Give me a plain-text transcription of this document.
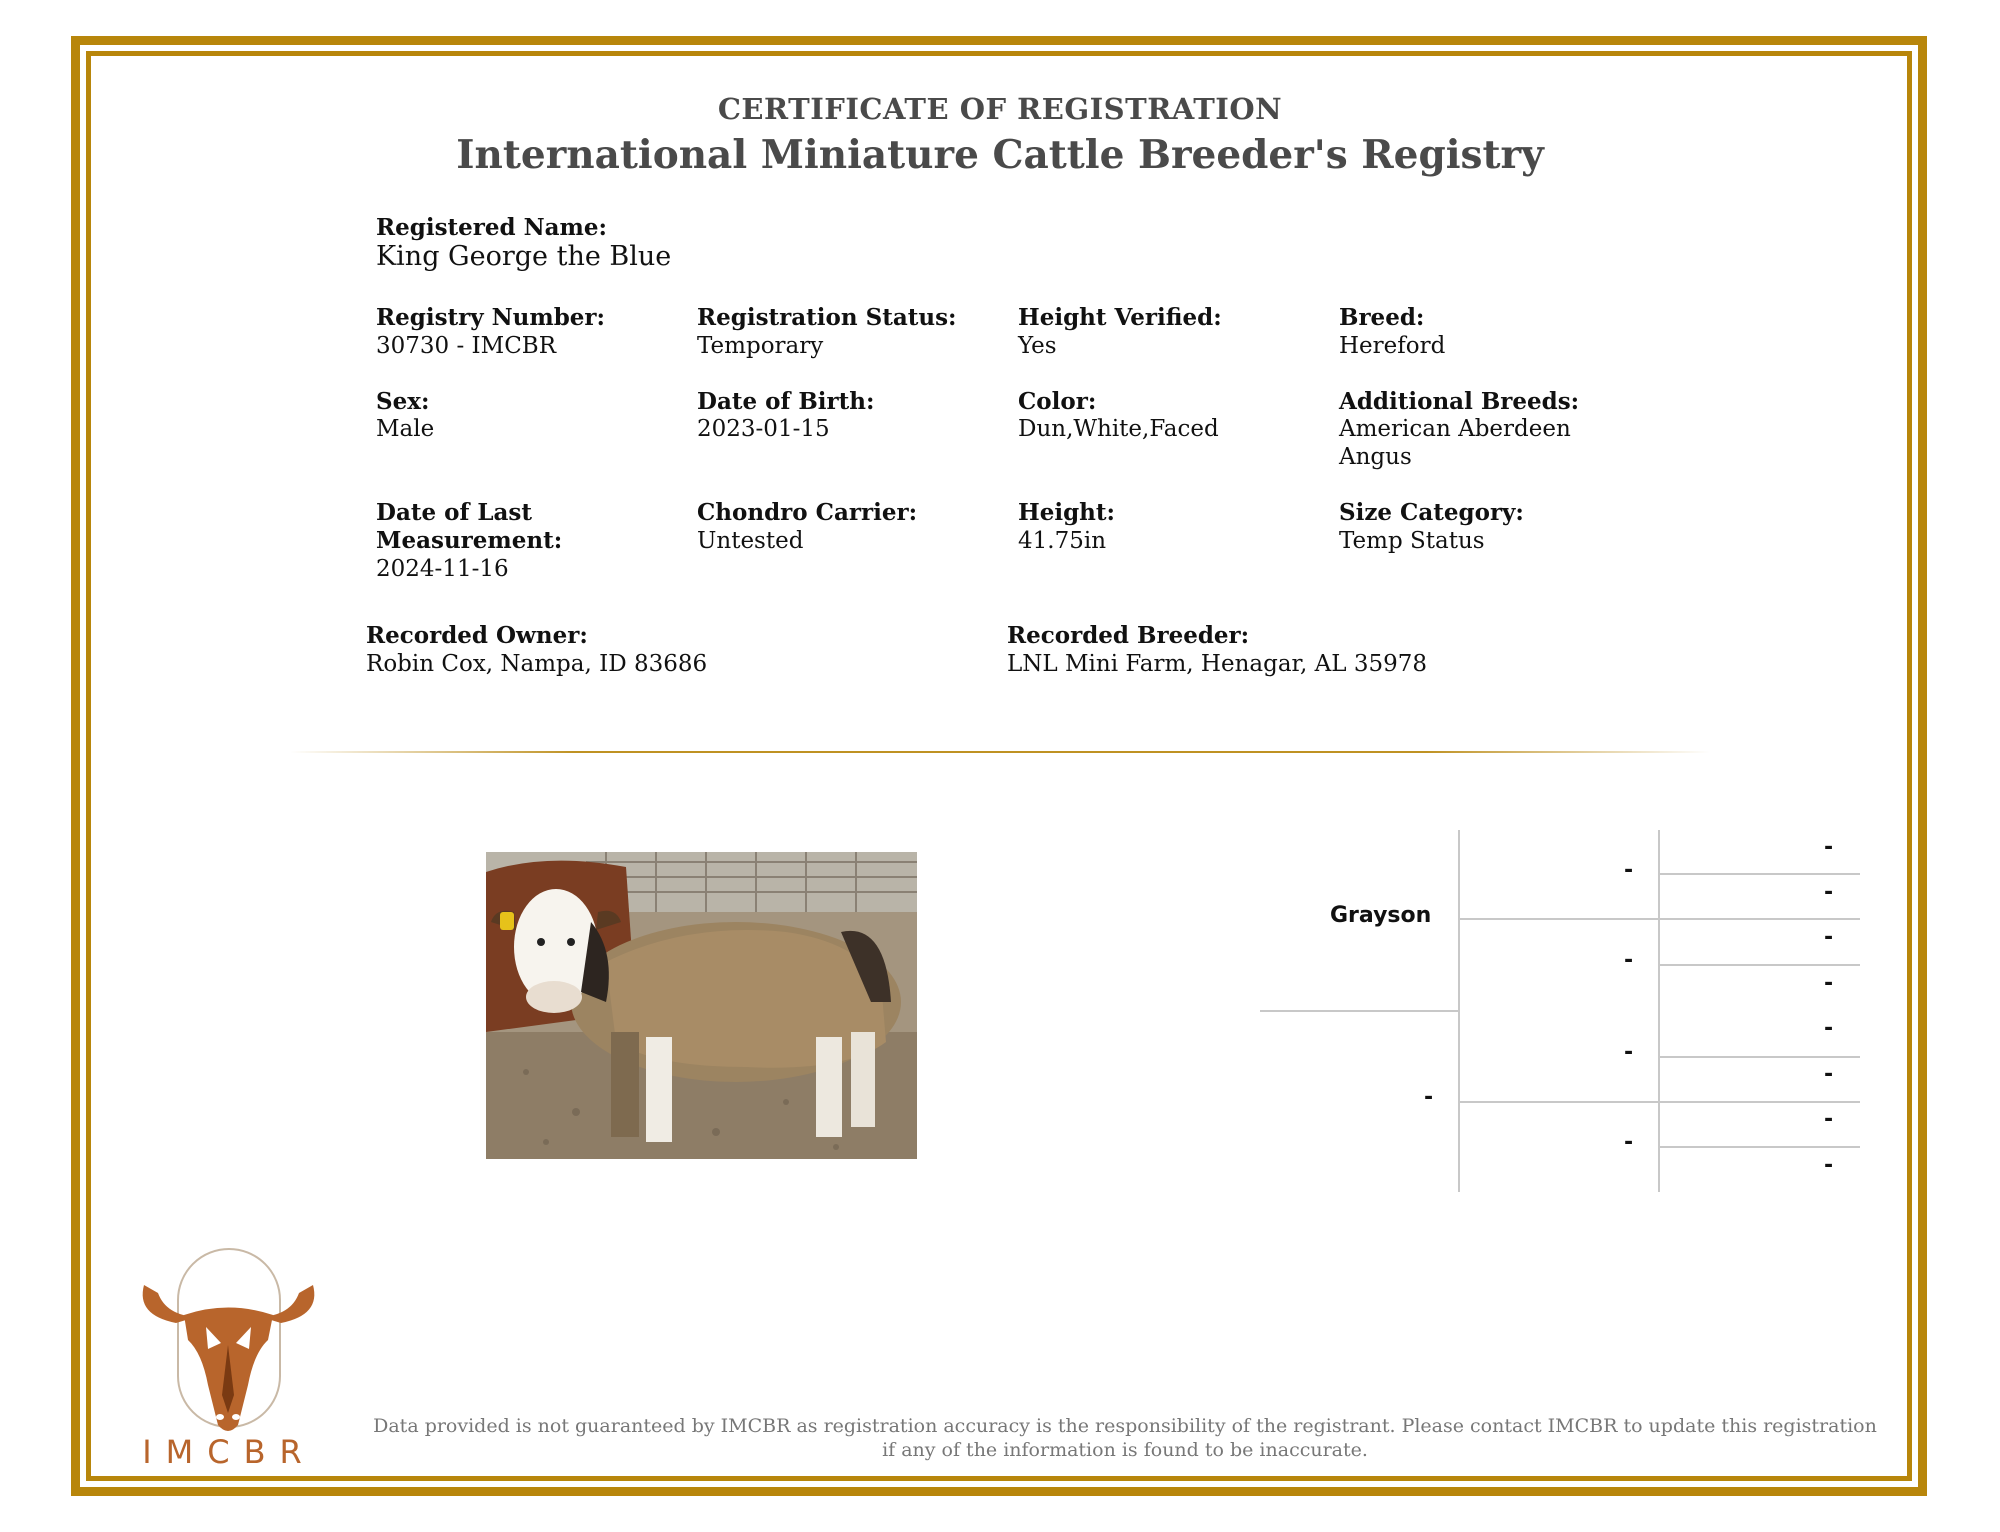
CERTIFICATE OF REGISTRATION
International Miniature Cattle Breeder's Registry
Registered Name:
King George the Blue
Registry Number:
30730 - IMCBR
Registration Status:
Temporary
Height Verified:
Yes
Breed:
Hereford
Sex:
Male
Date of Birth:
2023-01-15
Color:
Dun,White,Faced
Additional Breeds:
American Aberdeen
Angus
Date of Last
Measurement:
2024-11-16
Chondro Carrier:
Untested
Height:
41.75in
Size Category:
Temp Status
Recorded Owner:
Robin Cox, Nampa, ID 83686
Recorded Breeder:
LNL Mini Farm, Henagar, AL 35978
Grayson
-
-
-
-
-
-
-
-
-
-
-
-
-
IMCBR
Data provided is not guaranteed by IMCBR as registration accuracy is the responsibility of the registrant. Please contact IMCBR to update this registration
if any of the information is found to be inaccurate.
